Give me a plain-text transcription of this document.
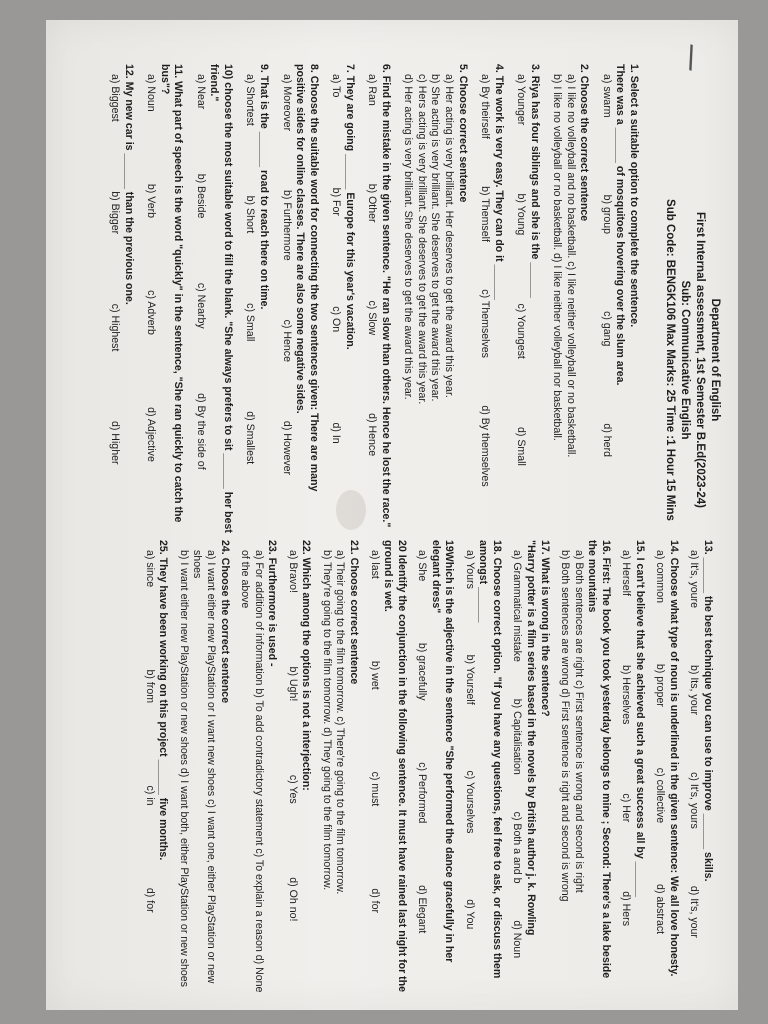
\
Department of English
First Internal assessment, 1st Semester B.Ed(2023-24)
Sub: Communicative English
Sub Code: BENGK106 Max Marks: 25 Time :1 Hour 15 Mins
1. Select a suitable option to complete the sentence.
There was a ______ of mosquitoes hovering over the slum area.
a) swarm
b) group
c) gang
d) herd
2. Choose the correct sentence
a) I like no volleyball and no basketball. c) I like neither volleyball or no basketball.
b) I like no volleyball or no basketball. d) I like neither volleyball nor basketball.
3. Riya has four siblings and she is the ______
a) Younger
b) Young
c) Youngest
d) Small
4. The work is very easy. They can do it ______
a) By theirself
b) Themself
c) Themselves
d) By themselves
5. Choose correct sentence
a) Her acting is very brilliant. Her deserves to get the award this year.
b) She acting is very brilliant. She deserves to get the award this year.
c) Hers acting is very brilliant. She deserves to get the award this year.
d) Her acting is very brilliant. She deserves to get the award this year.
6. Find the mistake in the given sentence. "He ran slow than others. Hence he lost the race."
a) Ran
b) Other
c) Slow
d) Hence
7. They are going ______ Europe for this year's vacation.
a) To
b) For
c) On
d) In
8. Choose the suitable word for connecting the two sentences given: There are many positive sides for online classes. There are also some negative sides.
a) Moreover
b) Furthermore
c) Hence
d) However
9. That is the ______ road to reach there on time.
a) Shortest
b) Short
c) Small
d) Smallest
10) choose the most suitable word to fill the blank. "She always prefers to sit ______ her best friend."
a) Near
b) Beside
c) Nearby
d) By the side of
11. What part of speech is the word "quickly" in the sentence, "She ran quickly to catch the bus"?
a) Noun
b) Verb
c) Adverb
d) Adjective
12. My new car is ______ than the previous one.
a) Biggest
b) Bigger
c) Highest
d) Higher
13. ______ the best technique you can use to improve ______ skills.
a) It's, youre
b) Its, your
c) It's, yours
d) It's, your
14. Choose what type of noun is underlined in the given sentence: We all love honesty.
a) common
b) proper
c) collective
d) abstract
15. I can't believe that she achieved such a great success all by ______
a) Herself
b) Herselves
c) Her
d) Hers
16. First: The book you took yesterday belongs to mine ; Second: There's a lake beside the mountains
a) Both sentences are right c) First sentence is wrong and second is right
b) Both sentences are wrong d) First sentence is right and second is wrong
17. What is wrong in the sentence?
"Harry potter is a film series based in the novels by British author j. k. Rowling
a) Grammatical mistake
b) Capitalisation
c) Both a and b
d) Noun
18. Choose correct option. "If you have any questions, feel free to ask, or discuss them amongst ______
a) Yours
b) Yourself
c) Yourselves
d) You
19Which is the adjective in the sentence "She performed the dance gracefully in her elegant dress"
a) She
b) gracefully
c) Performed
d) Elegant
20 Identify the conjunction in the following sentence. It must have rained last night for the ground is wet.
a) last
b) wet
c) must
d) for
21. Choose correct sentence
a) Their going to the film tomorrow. c) There're going to the film tomorrow.
b) They're going to the film tomorrow. d) They going to the film tomorrow.
22. Which among the options is not a interjection:
a) Bravo!
b) Ugh!
c) Yes
d) Oh no!
23. Furthermore is used -
a) For addition of information b) To add contradictory statement c) To explain a reason d) None of the above
24. Choose the correct sentence
a) I want either new PlayStation or I want new shoes c) I want one, either PlayStation or new shoes
b) I want either new PlayStation or new shoes d) I want both, either PlayStation or new shoes
25. They have been working on this project ______ five months.
a) since
b) from
c) in
d) for
